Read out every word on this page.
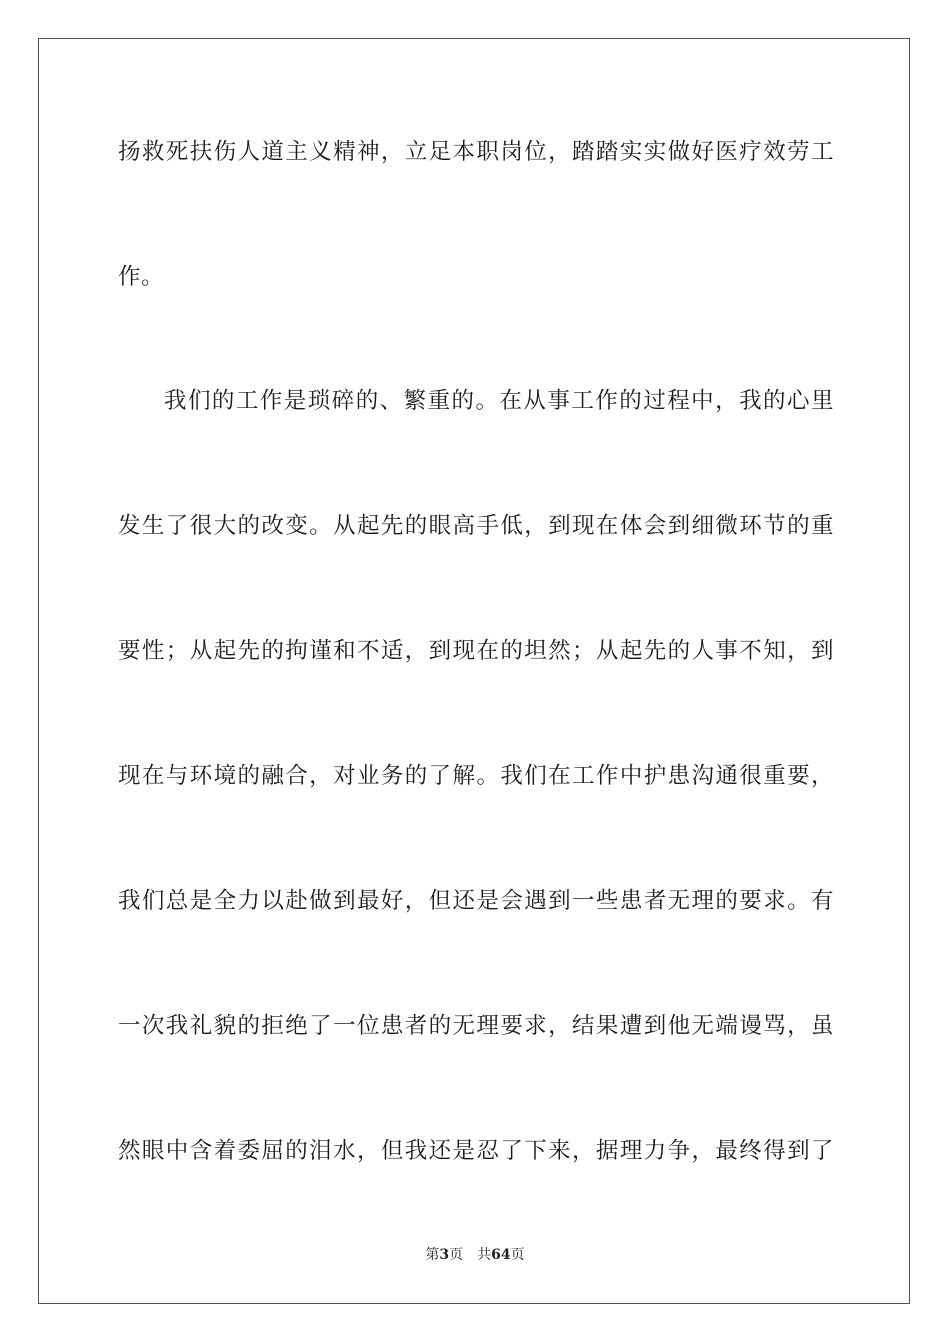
扬救死扶伤人道主义精神，立足本职岗位，踏踏实实做好医疗效劳工
作。
我们的工作是琐碎的、繁重的。在从事工作的过程中，我的心里
发生了很大的改变。从起先的眼高手低，到现在体会到细微环节的重
要性；从起先的拘谨和不适，到现在的坦然；从起先的人事不知，到
现在与环境的融合，对业务的了解。我们在工作中护患沟通很重要，
我们总是全力以赴做到最好，但还是会遇到一些患者无理的要求。有
一次我礼貌的拒绝了一位患者的无理要求，结果遭到他无端谩骂，虽
然眼中含着委屈的泪水，但我还是忍了下来，据理力争，最终得到了
第3页 共64页
